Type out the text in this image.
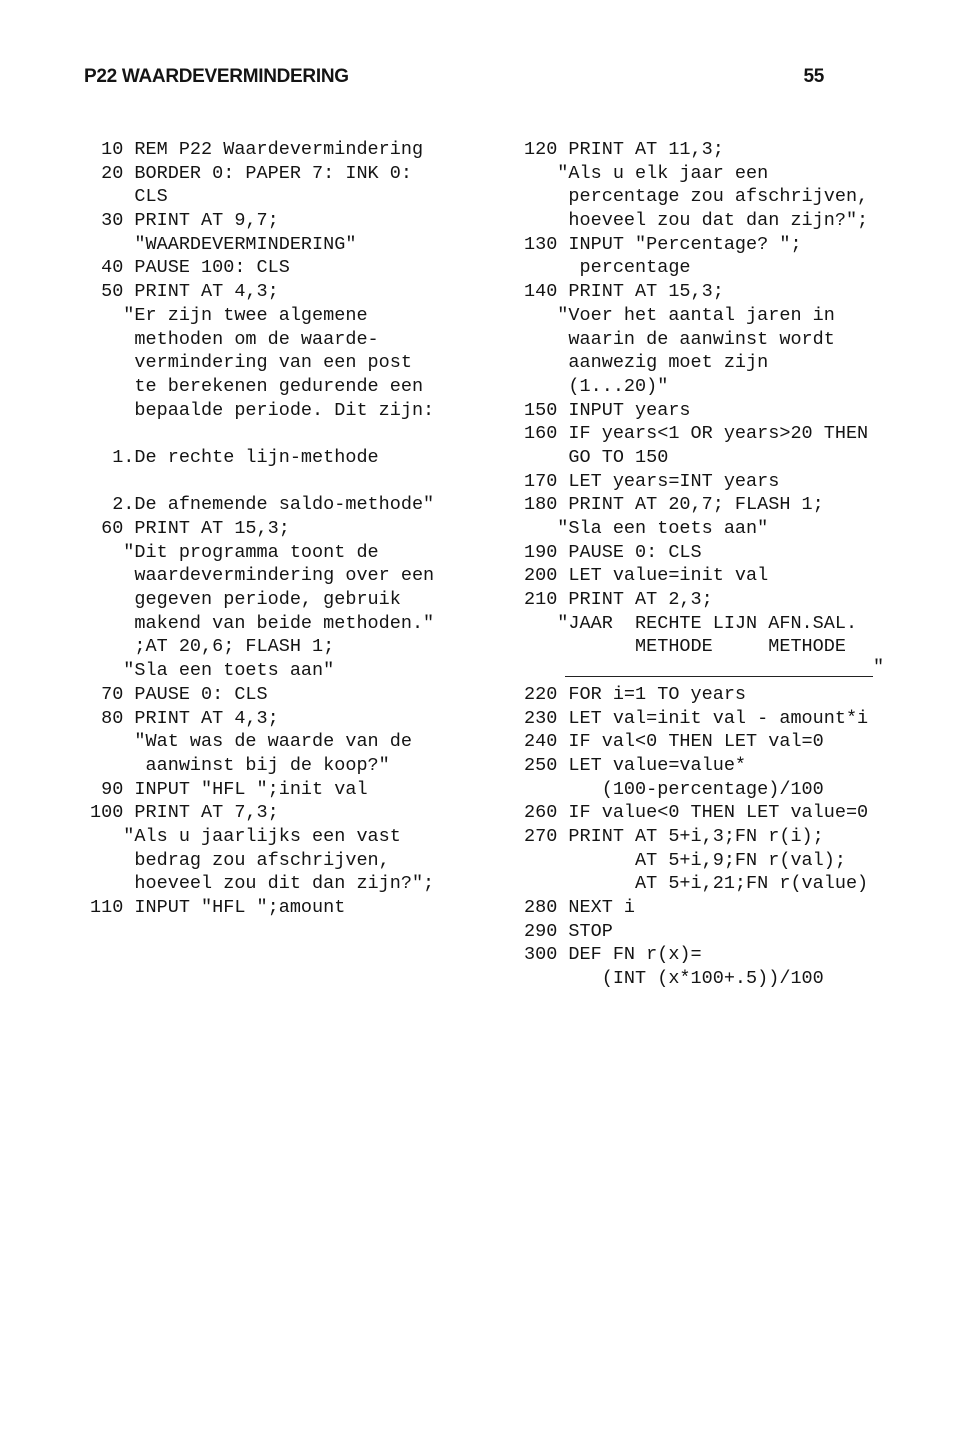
P22 WAARDEVERMINDERING	55
10 REM P22 Waardevermindering
20 BORDER 0: PAPER 7: INK 0:
CLS
30 PRINT AT 9,7;
"WAARDEVERMINDERING"
40 PAUSE 100: CLS
50 PRINT AT 4,3;
"Er zijn twee algemene
methoden om de waarde-
vermindering van een post
te berekenen gedurende een
bepaalde periode. Dit zijn:
1.De rechte lijn-methode
2.De afnemende saldo-methode"
60 PRINT AT 15,3;
"Dit programma toont de
waardevermindering over een
gegeven periode, gebruik
makend van beide methoden."
;AT 20,6; FLASH 1;
"Sla een toets aan"
70 PAUSE 0: CLS
80 PRINT AT 4,3;
"Wat was de waarde van de
aanwinst bij de koop?"
90 INPUT "HFL ";init val
100 PRINT AT 7,3;
"Als u jaarlijks een vast
bedrag zou afschrijven,
hoeveel zou dit dan zijn?";
110 INPUT "HFL ";amount
120 PRINT AT 11,3;
"Als u elk jaar een
percentage zou afschrijven,
hoeveel zou dat dan zijn?";
130 INPUT "Percentage? ";
percentage
140 PRINT AT 15,3;
"Voer het aantal jaren in
waarin de aanwinst wordt
aanwezig moet zijn
(1...20)"
150 INPUT years
160 IF years<1 OR years>20 THEN
GO TO 150
170 LET years=INT years
180 PRINT AT 20,7; FLASH 1;
"Sla een toets aan"
190 PAUSE 0: CLS
200 LET value=init val
210 PRINT AT 2,3;
"JAAR  RECHTE LIJN AFN.SAL.
METHODE     METHODE
220 FOR i=1 TO years
230 LET val=init val - amount*i
240 IF val<0 THEN LET val=0
250 LET value=value*
(100-percentage)/100
260 IF value<0 THEN LET value=0
270 PRINT AT 5+i,3;FN r(i);
AT 5+i,9;FN r(val);
AT 5+i,21;FN r(value)
280 NEXT i
290 STOP
300 DEF FN r(x)=
(INT (x*100+.5))/100
"
